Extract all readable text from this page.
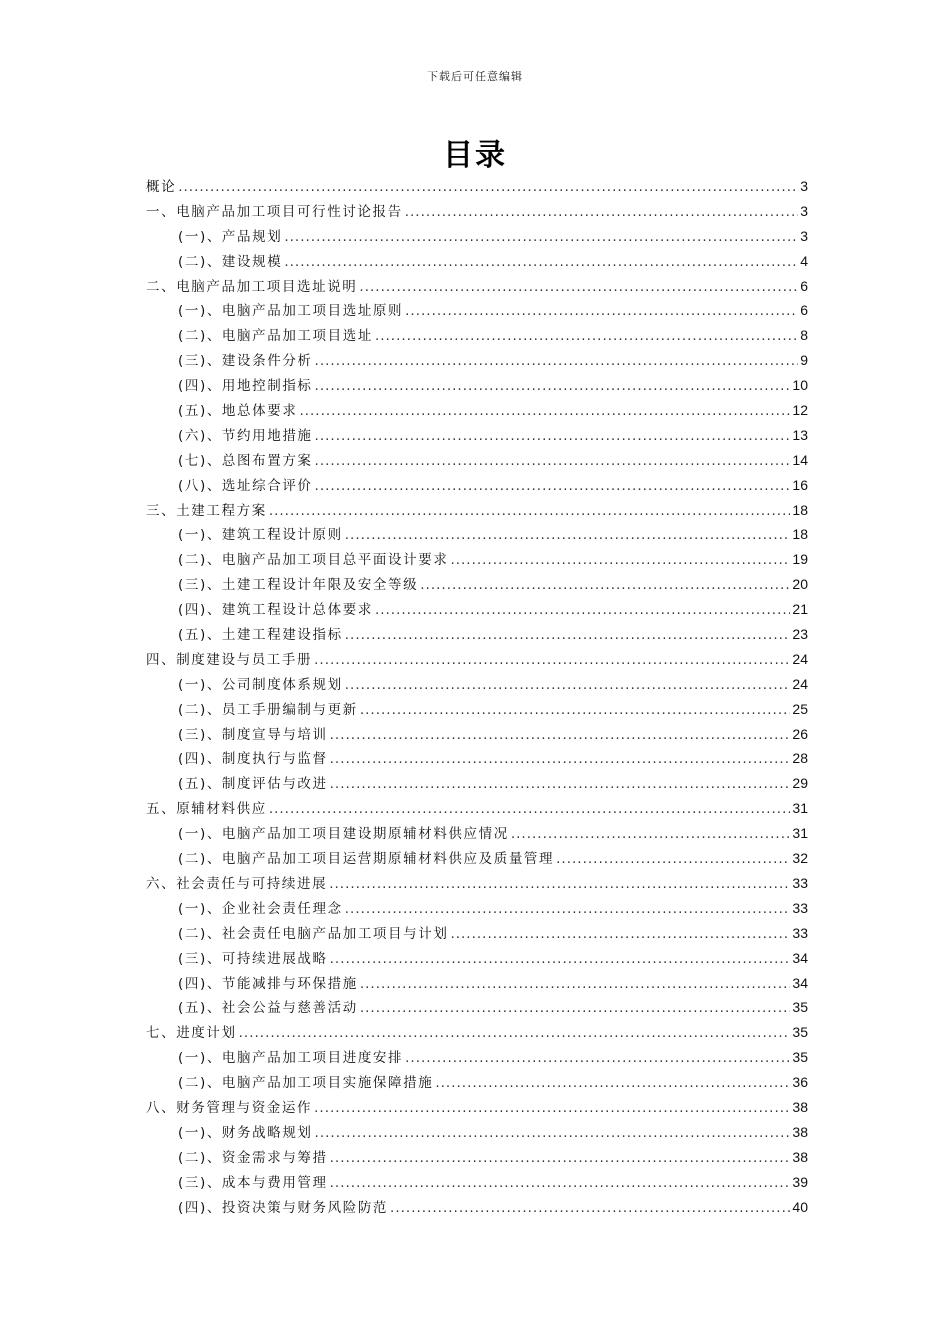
下载后可任意编辑
目录
概论 .....	3
一、电脑产品加工项目可行性讨论报告 .....	3
(一)、产品规划 .....	3
(二)、建设规模 .....	4
二、电脑产品加工项目选址说明 .....	6
(一)、电脑产品加工项目选址原则 .....	6
(二)、电脑产品加工项目选址 .....	8
(三)、建设条件分析 .....	9
(四)、用地控制指标 .....	10
(五)、地总体要求 .....	12
(六)、节约用地措施 .....	13
(七)、总图布置方案 .....	14
(八)、选址综合评价 .....	16
三、土建工程方案 .....	18
(一)、建筑工程设计原则 .....	18
(二)、电脑产品加工项目总平面设计要求 .....	19
(三)、土建工程设计年限及安全等级 .....	20
(四)、建筑工程设计总体要求 .....	21
(五)、土建工程建设指标 .....	23
四、制度建设与员工手册 .....	24
(一)、公司制度体系规划 .....	24
(二)、员工手册编制与更新 .....	25
(三)、制度宣导与培训 .....	26
(四)、制度执行与监督 .....	28
(五)、制度评估与改进 .....	29
五、原辅材料供应 .....	31
(一)、电脑产品加工项目建设期原辅材料供应情况 .....	31
(二)、电脑产品加工项目运营期原辅材料供应及质量管理 .....	32
六、社会责任与可持续进展 .....	33
(一)、企业社会责任理念 .....	33
(二)、社会责任电脑产品加工项目与计划 .....	33
(三)、可持续进展战略 .....	34
(四)、节能减排与环保措施 .....	34
(五)、社会公益与慈善活动 .....	35
七、进度计划 .....	35
(一)、电脑产品加工项目进度安排 .....	35
(二)、电脑产品加工项目实施保障措施 .....	36
八、财务管理与资金运作 .....	38
(一)、财务战略规划 .....	38
(二)、资金需求与筹措 .....	38
(三)、成本与费用管理 .....	39
(四)、投资决策与财务风险防范 .....	40
